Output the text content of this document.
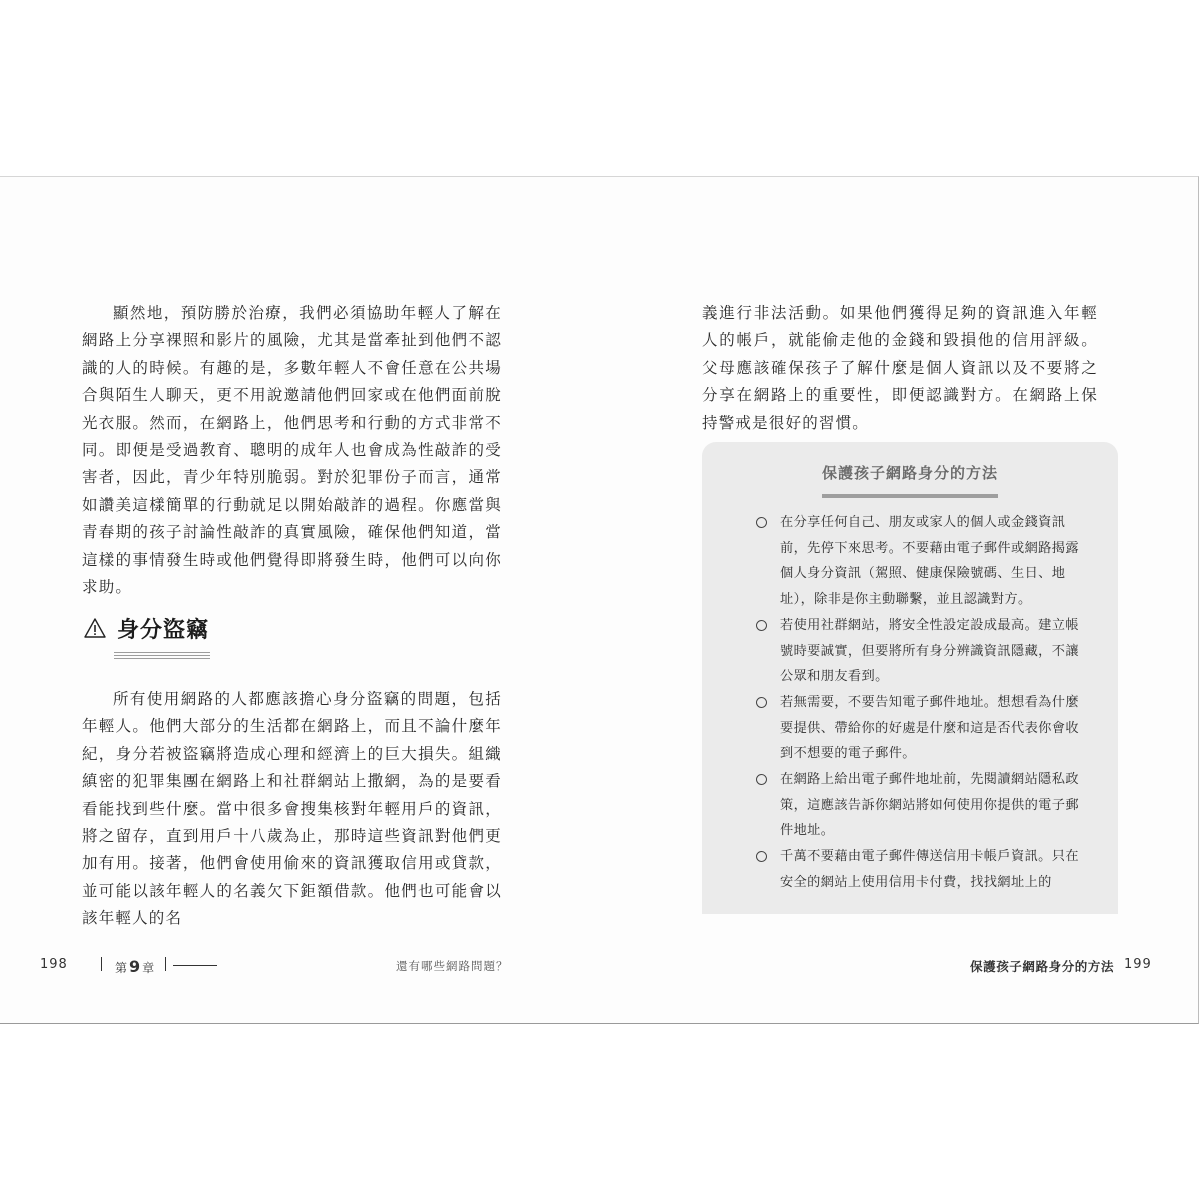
顯然地，預防勝於治療，我們必須協助年輕人了解在網路上分享裸照和影片的風險，尤其是當牽扯到他們不認識的人的時候。有趣的是，多數年輕人不會任意在公共場合與陌生人聊天，更不用說邀請他們回家或在他們面前脫光衣服。然而，在網路上，他們思考和行動的方式非常不同。即便是受過教育、聰明的成年人也會成為性敲詐的受害者，因此，青少年特別脆弱。對於犯罪份子而言，通常如讚美這樣簡單的行動就足以開始敲詐的過程。你應當與青春期的孩子討論性敲詐的真實風險，確保他們知道，當這樣的事情發生時或他們覺得即將發生時，他們可以向你求助。

身分盜竊

所有使用網路的人都應該擔心身分盜竊的問題，包括年輕人。他們大部分的生活都在網路上，而且不論什麼年紀，身分若被盜竊將造成心理和經濟上的巨大損失。組織縝密的犯罪集團在網路上和社群網站上撒網，為的是要看看能找到些什麼。當中很多會搜集核對年輕用戶的資訊，將之留存，直到用戶十八歲為止，那時這些資訊對他們更加有用。接著，他們會使用偷來的資訊獲取信用或貸款，並可能以該年輕人的名義欠下鉅額借款。他們也可能會以該年輕人的名

198	第 9 章	還有哪些網路問題？

義進行非法活動。如果他們獲得足夠的資訊進入年輕人的帳戶，就能偷走他的金錢和毀損他的信用評級。父母應該確保孩子了解什麼是個人資訊以及不要將之分享在網路上的重要性，即便認識對方。在網路上保持警戒是很好的習慣。

保護孩子網路身分的方法
在分享任何自己、朋友或家人的個人或金錢資訊前，先停下來思考。不要藉由電子郵件或網路揭露個人身分資訊（駕照、健康保險號碼、生日、地址），除非是你主動聯繫，並且認識對方。
若使用社群網站，將安全性設定設成最高。建立帳號時要誠實，但要將所有身分辨識資訊隱藏，不讓公眾和朋友看到。
若無需要，不要告知電子郵件地址。想想看為什麼要提供、帶給你的好處是什麼和這是否代表你會收到不想要的電子郵件。
在網路上給出電子郵件地址前，先閱讀網站隱私政策，這應該告訴你網站將如何使用你提供的電子郵件地址。
千萬不要藉由電子郵件傳送信用卡帳戶資訊。只在安全的網站上使用信用卡付費，找找網址上的
保護孩子網路身分的方法 199
